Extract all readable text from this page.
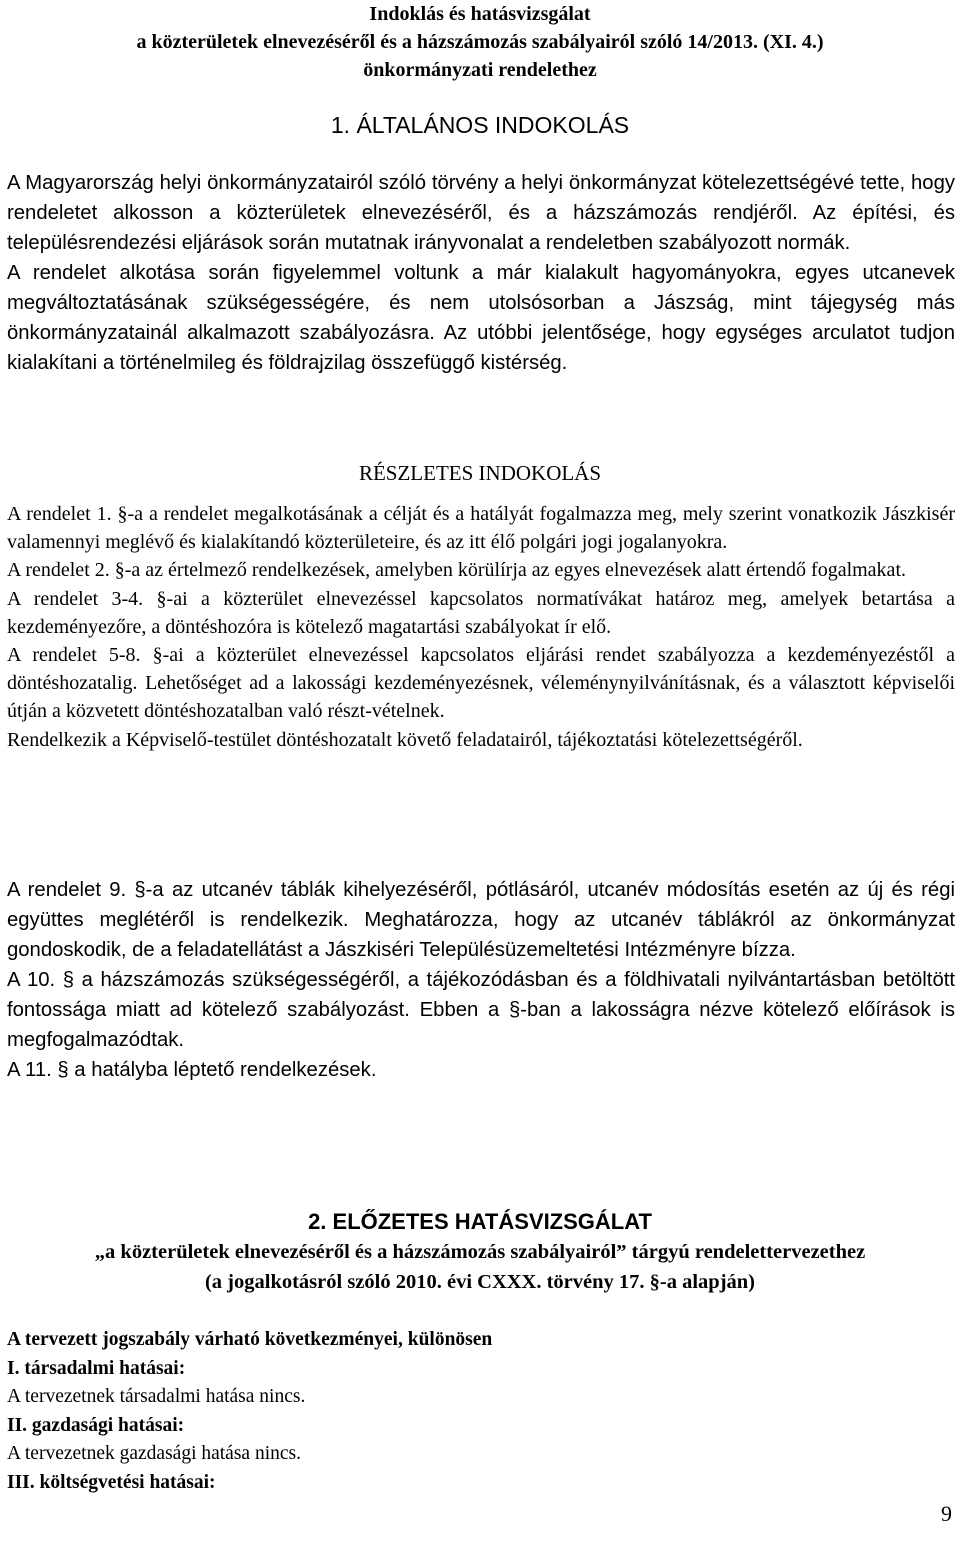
Indoklás és hatásvizsgálat

a közterületek elnevezéséről és a házszámozás szabályairól szóló 14/2013. (XI. 4.)

önkormányzati rendelethez

1. ÁLTALÁNOS INDOKOLÁS

A Magyarország helyi önkormányzatairól szóló törvény a helyi önkormányzat kötelezettségévé tette, hogy rendeletet alkosson a közterületek elnevezéséről, és a házszámozás rendjéről. Az építési, és településrendezési eljárások során mutatnak irányvonalat a rendeletben szabályozott normák.

A rendelet alkotása során figyelemmel voltunk a már kialakult hagyományokra, egyes utcanevek megváltoztatásának szükségességére, és nem utolsósorban a Jászság, mint tájegység más önkormányzatainál alkalmazott szabályozásra. Az utóbbi jelentősége, hogy egységes arculatot tudjon kialakítani a történelmileg és földrajzilag összefüggő kistérség.

RÉSZLETES INDOKOLÁS

A rendelet 1. §-a a rendelet megalkotásának a célját és a hatályát fogalmazza meg, mely szerint vonatkozik Jászkisér valamennyi meglévő és kialakítandó közterületeire, és az itt élő polgári jogi jogalanyokra.

A rendelet 2. §-a az értelmező rendelkezések, amelyben körülírja az egyes elnevezések alatt értendő fogalmakat.

A rendelet 3-4. §-ai a közterület elnevezéssel kapcsolatos normatívákat határoz meg, amelyek betartása a kezdeményezőre, a döntéshozóra is kötelező magatartási szabályokat ír elő.

A rendelet 5-8. §-ai a közterület elnevezéssel kapcsolatos eljárási rendet szabályozza a kezdeményezéstől a döntéshozatalig. Lehetőséget ad a lakossági kezdeményezésnek, véleménynyilvánításnak, és a választott képviselői útján a közvetett döntéshozatalban való részt-vételnek.

Rendelkezik a Képviselő-testület döntéshozatalt követő feladatairól, tájékoztatási kötelezettségéről.

A rendelet 9. §-a az utcanév táblák kihelyezéséről, pótlásáról, utcanév módosítás esetén az új és régi együttes meglétéről is rendelkezik. Meghatározza, hogy az utcanév táblákról az önkormányzat gondoskodik, de a feladatellátást a Jászkiséri Településüzemeltetési Intézményre bízza.

A 10. § a házszámozás szükségességéről, a tájékozódásban és a földhivatali nyilvántartásban betöltött fontossága miatt ad kötelező szabályozást. Ebben a §-ban a lakosságra nézve kötelező előírások is megfogalmazódtak.

A 11. § a hatályba léptető rendelkezések.

2. ELŐZETES HATÁSVIZSGÁLAT

„a közterületek elnevezéséről és a házszámozás szabályairól” tárgyú rendelettervezethez

(a jogalkotásról szóló 2010. évi CXXX. törvény 17. §-a alapján)

A tervezett jogszabály várható következményei, különösen

I. társadalmi hatásai:

A tervezetnek társadalmi hatása nincs.

II. gazdasági hatásai:

A tervezetnek gazdasági hatása nincs.

III. költségvetési hatásai:

9
